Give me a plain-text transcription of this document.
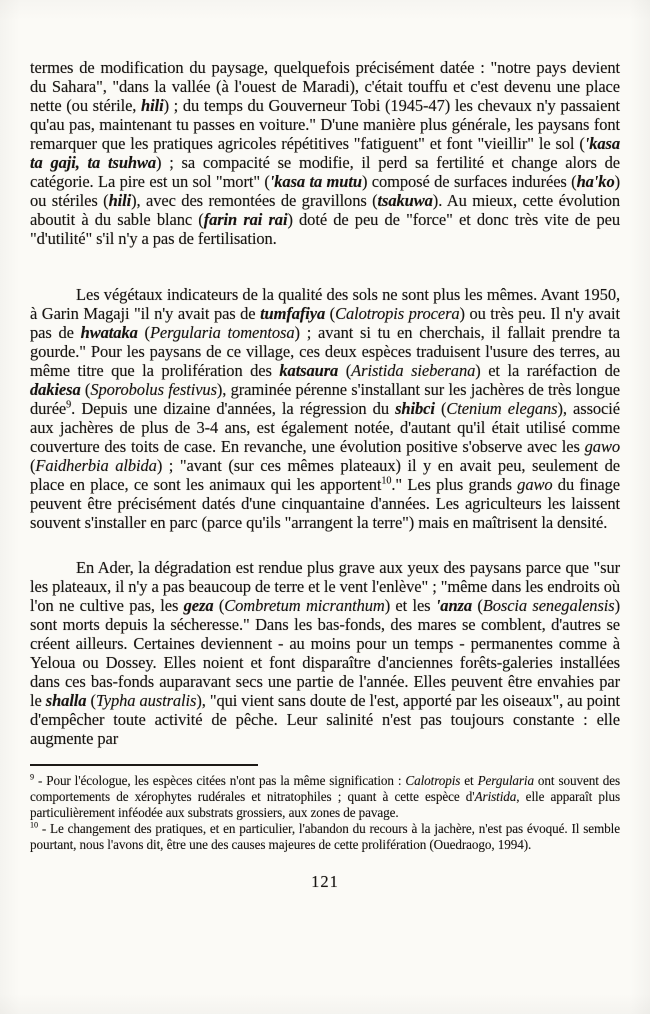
termes de modification du paysage, quelquefois précisément datée : "notre pays devient du Sahara", "dans la vallée (à l'ouest de Maradi), c'était touffu et c'est devenu une place nette (ou stérile, hili) ; du temps du Gouverneur Tobi (1945-47) les chevaux n'y passaient qu'au pas, maintenant tu passes en voiture." D'une manière plus générale, les paysans font remarquer que les pratiques agricoles répétitives "fatiguent" et font "vieillir" le sol ('kasa ta gaji, ta tsuhwa) ; sa compacité se modifie, il perd sa fertilité et change alors de catégorie. La pire est un sol "mort" ('kasa ta mutu) composé de surfaces indurées (ha'ko) ou stériles (hili), avec des remontées de gravillons (tsakuwa). Au mieux, cette évolution aboutit à du sable blanc (farin rai rai) doté de peu de "force" et donc très vite de peu "d'utilité" s'il n'y a pas de fertilisation.

Les végétaux indicateurs de la qualité des sols ne sont plus les mêmes. Avant 1950, à Garin Magaji "il n'y avait pas de tumfafiya (Calotropis procera) ou très peu. Il n'y avait pas de hwataka (Pergularia tomentosa) ; avant si tu en cherchais, il fallait prendre ta gourde." Pour les paysans de ce village, ces deux espèces traduisent l'usure des terres, au même titre que la prolifération des katsaura (Aristida sieberana) et la raréfaction de dakiesa (Sporobolus festivus), graminée pérenne s'installant sur les jachères de très longue durée$^9$. Depuis une dizaine d'années, la régression du shibci (Ctenium elegans), associé aux jachères de plus de 3-4 ans, est également notée, d'autant qu'il était utilisé comme couverture des toits de case. En revanche, une évolution positive s'observe avec les gawo (Faidherbia albida) ; "avant (sur ces mêmes plateaux) il y en avait peu, seulement de place en place, ce sont les animaux qui les apportent$^{10}$." Les plus grands gawo du finage peuvent être précisément datés d'une cinquantaine d'années. Les agriculteurs les laissent souvent s'installer en parc (parce qu'ils "arrangent la terre") mais en maîtrisent la densité.

En Ader, la dégradation est rendue plus grave aux yeux des paysans parce que "sur les plateaux, il n'y a pas beaucoup de terre et le vent l'enlève" ; "même dans les endroits où l'on ne cultive pas, les geza (Combretum micranthum) et les 'anza (Boscia senegalensis) sont morts depuis la sécheresse." Dans les bas-fonds, des mares se comblent, d'autres se créent ailleurs. Certaines deviennent - au moins pour un temps - permanentes comme à Yeloua ou Dossey. Elles noient et font disparaître d'anciennes forêts-galeries installées dans ces bas-fonds auparavant secs une partie de l'année. Elles peuvent être envahies par le shalla (Typha australis), "qui vient sans doute de l'est, apporté par les oiseaux", au point d'empêcher toute activité de pêche. Leur salinité n'est pas toujours constante : elle augmente par

$^9$ - Pour l'écologue, les espèces citées n'ont pas la même signification : Calotropis et Pergularia ont souvent des comportements de xérophytes rudérales et nitratophiles ; quant à cette espèce d'Aristida, elle apparaît plus particulièrement inféodée aux substrats grossiers, aux zones de pavage.

$^{10}$ - Le changement des pratiques, et en particulier, l'abandon du recours à la jachère, n'est pas évoqué. Il semble pourtant, nous l'avons dit, être une des causes majeures de cette prolifération (Ouedraogo, 1994).

121
